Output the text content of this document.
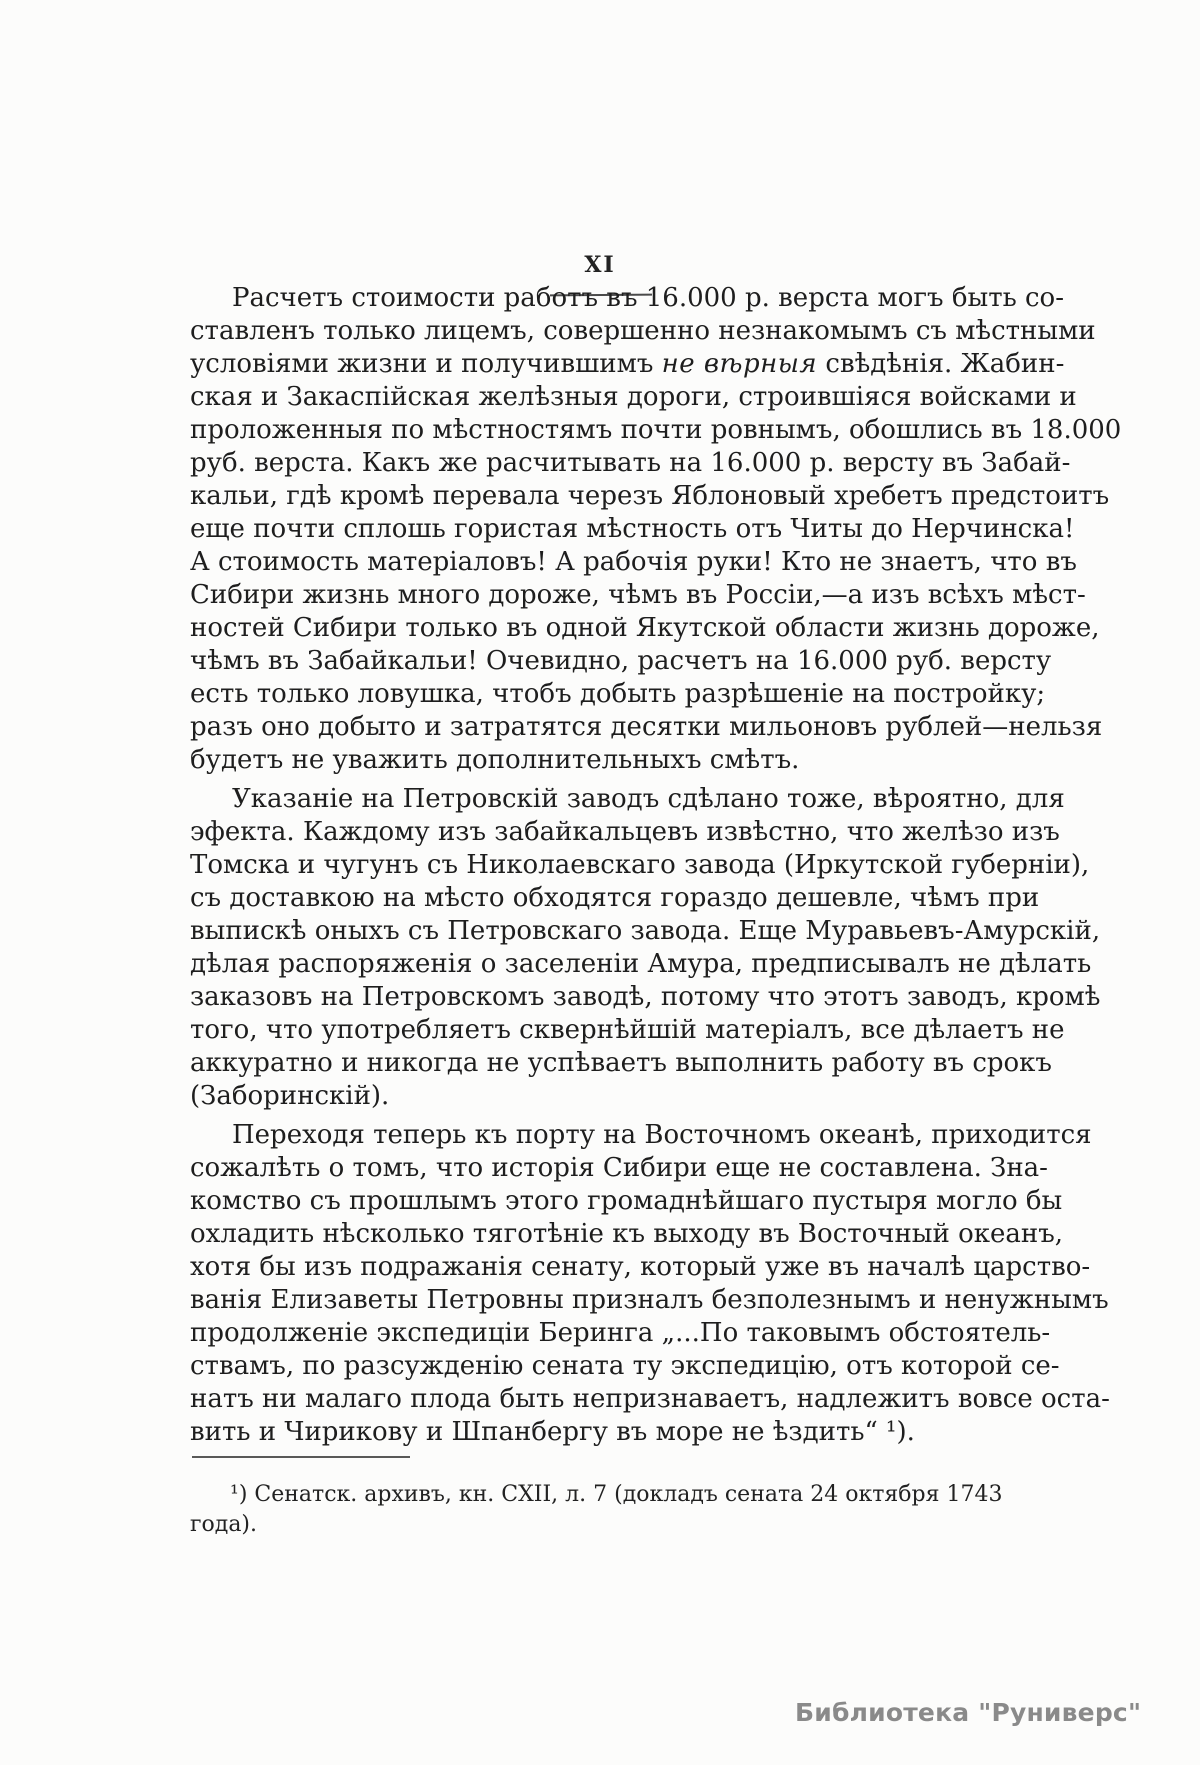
XI
Расчетъ стоимости работъ въ 16.000 р. верста могъ быть со-
ставленъ только лицемъ, совершенно незнакомымъ съ мѣстными
условіями жизни и получившимъ не вѣрныя свѣдѣнія. Жабин-
ская и Закаспійская желѣзныя дороги, строившіяся войсками и
проложенныя по мѣстностямъ почти ровнымъ, обошлись въ 18.000
руб. верста. Какъ же расчитывать на 16.000 р. версту въ Забай-
кальи, гдѣ кромѣ перевала черезъ Яблоновый хребетъ предстоитъ
еще почти сплошь гористая мѣстность отъ Читы до Нерчинска!
А стоимость матеріаловъ! А рабочія руки! Кто не знаетъ, что въ
Сибири жизнь много дороже, чѣмъ въ Россіи,—а изъ всѣхъ мѣст-
ностей Сибири только въ одной Якутской области жизнь дороже,
чѣмъ въ Забайкальи! Очевидно, расчетъ на 16.000 руб. версту
есть только ловушка, чтобъ добыть разрѣшеніе на постройку;
разъ оно добыто и затратятся десятки мильоновъ рублей—нельзя
будетъ не уважить дополнительныхъ смѣтъ.
Указаніе на Петровскій заводъ сдѣлано тоже, вѣроятно, для
эфекта. Каждому изъ забайкальцевъ извѣстно, что желѣзо изъ
Томска и чугунъ съ Николаевскаго завода (Иркутской губерніи),
съ доставкою на мѣсто обходятся гораздо дешевле, чѣмъ при
выпискѣ оныхъ съ Петровскаго завода. Еще Муравьевъ-Амурскій,
дѣлая распоряженія о заселеніи Амура, предписывалъ не дѣлать
заказовъ на Петровскомъ заводѣ, потому что этотъ заводъ, кромѣ
того, что употребляетъ сквернѣйшій матеріалъ, все дѣлаетъ не
аккуратно и никогда не успѣваетъ выполнить работу въ срокъ
(Заборинскій).
Переходя теперь къ порту на Восточномъ океанѣ, приходится
сожалѣть о томъ, что исторія Сибири еще не составлена. Зна-
комство съ прошлымъ этого громаднѣйшаго пустыря могло бы
охладить нѣсколько тяготѣніе къ выходу въ Восточный океанъ,
хотя бы изъ подражанія сенату, который уже въ началѣ царство-
ванія Елизаветы Петровны призналъ безполезнымъ и ненужнымъ
продолженіе экспедиціи Беринга „...По таковымъ обстоятель-
ствамъ, по разсужденію сената ту экспедицію, отъ которой се-
натъ ни малаго плода быть непризнаваетъ, надлежитъ вовсе оста-
вить и Чирикову и Шпанбергу въ море не ѣздить“ ¹).
¹) Сенатск. архивъ, кн. CXII, л. 7 (докладъ сената 24 октября 1743 года).
Библиотека "Руниверс"
